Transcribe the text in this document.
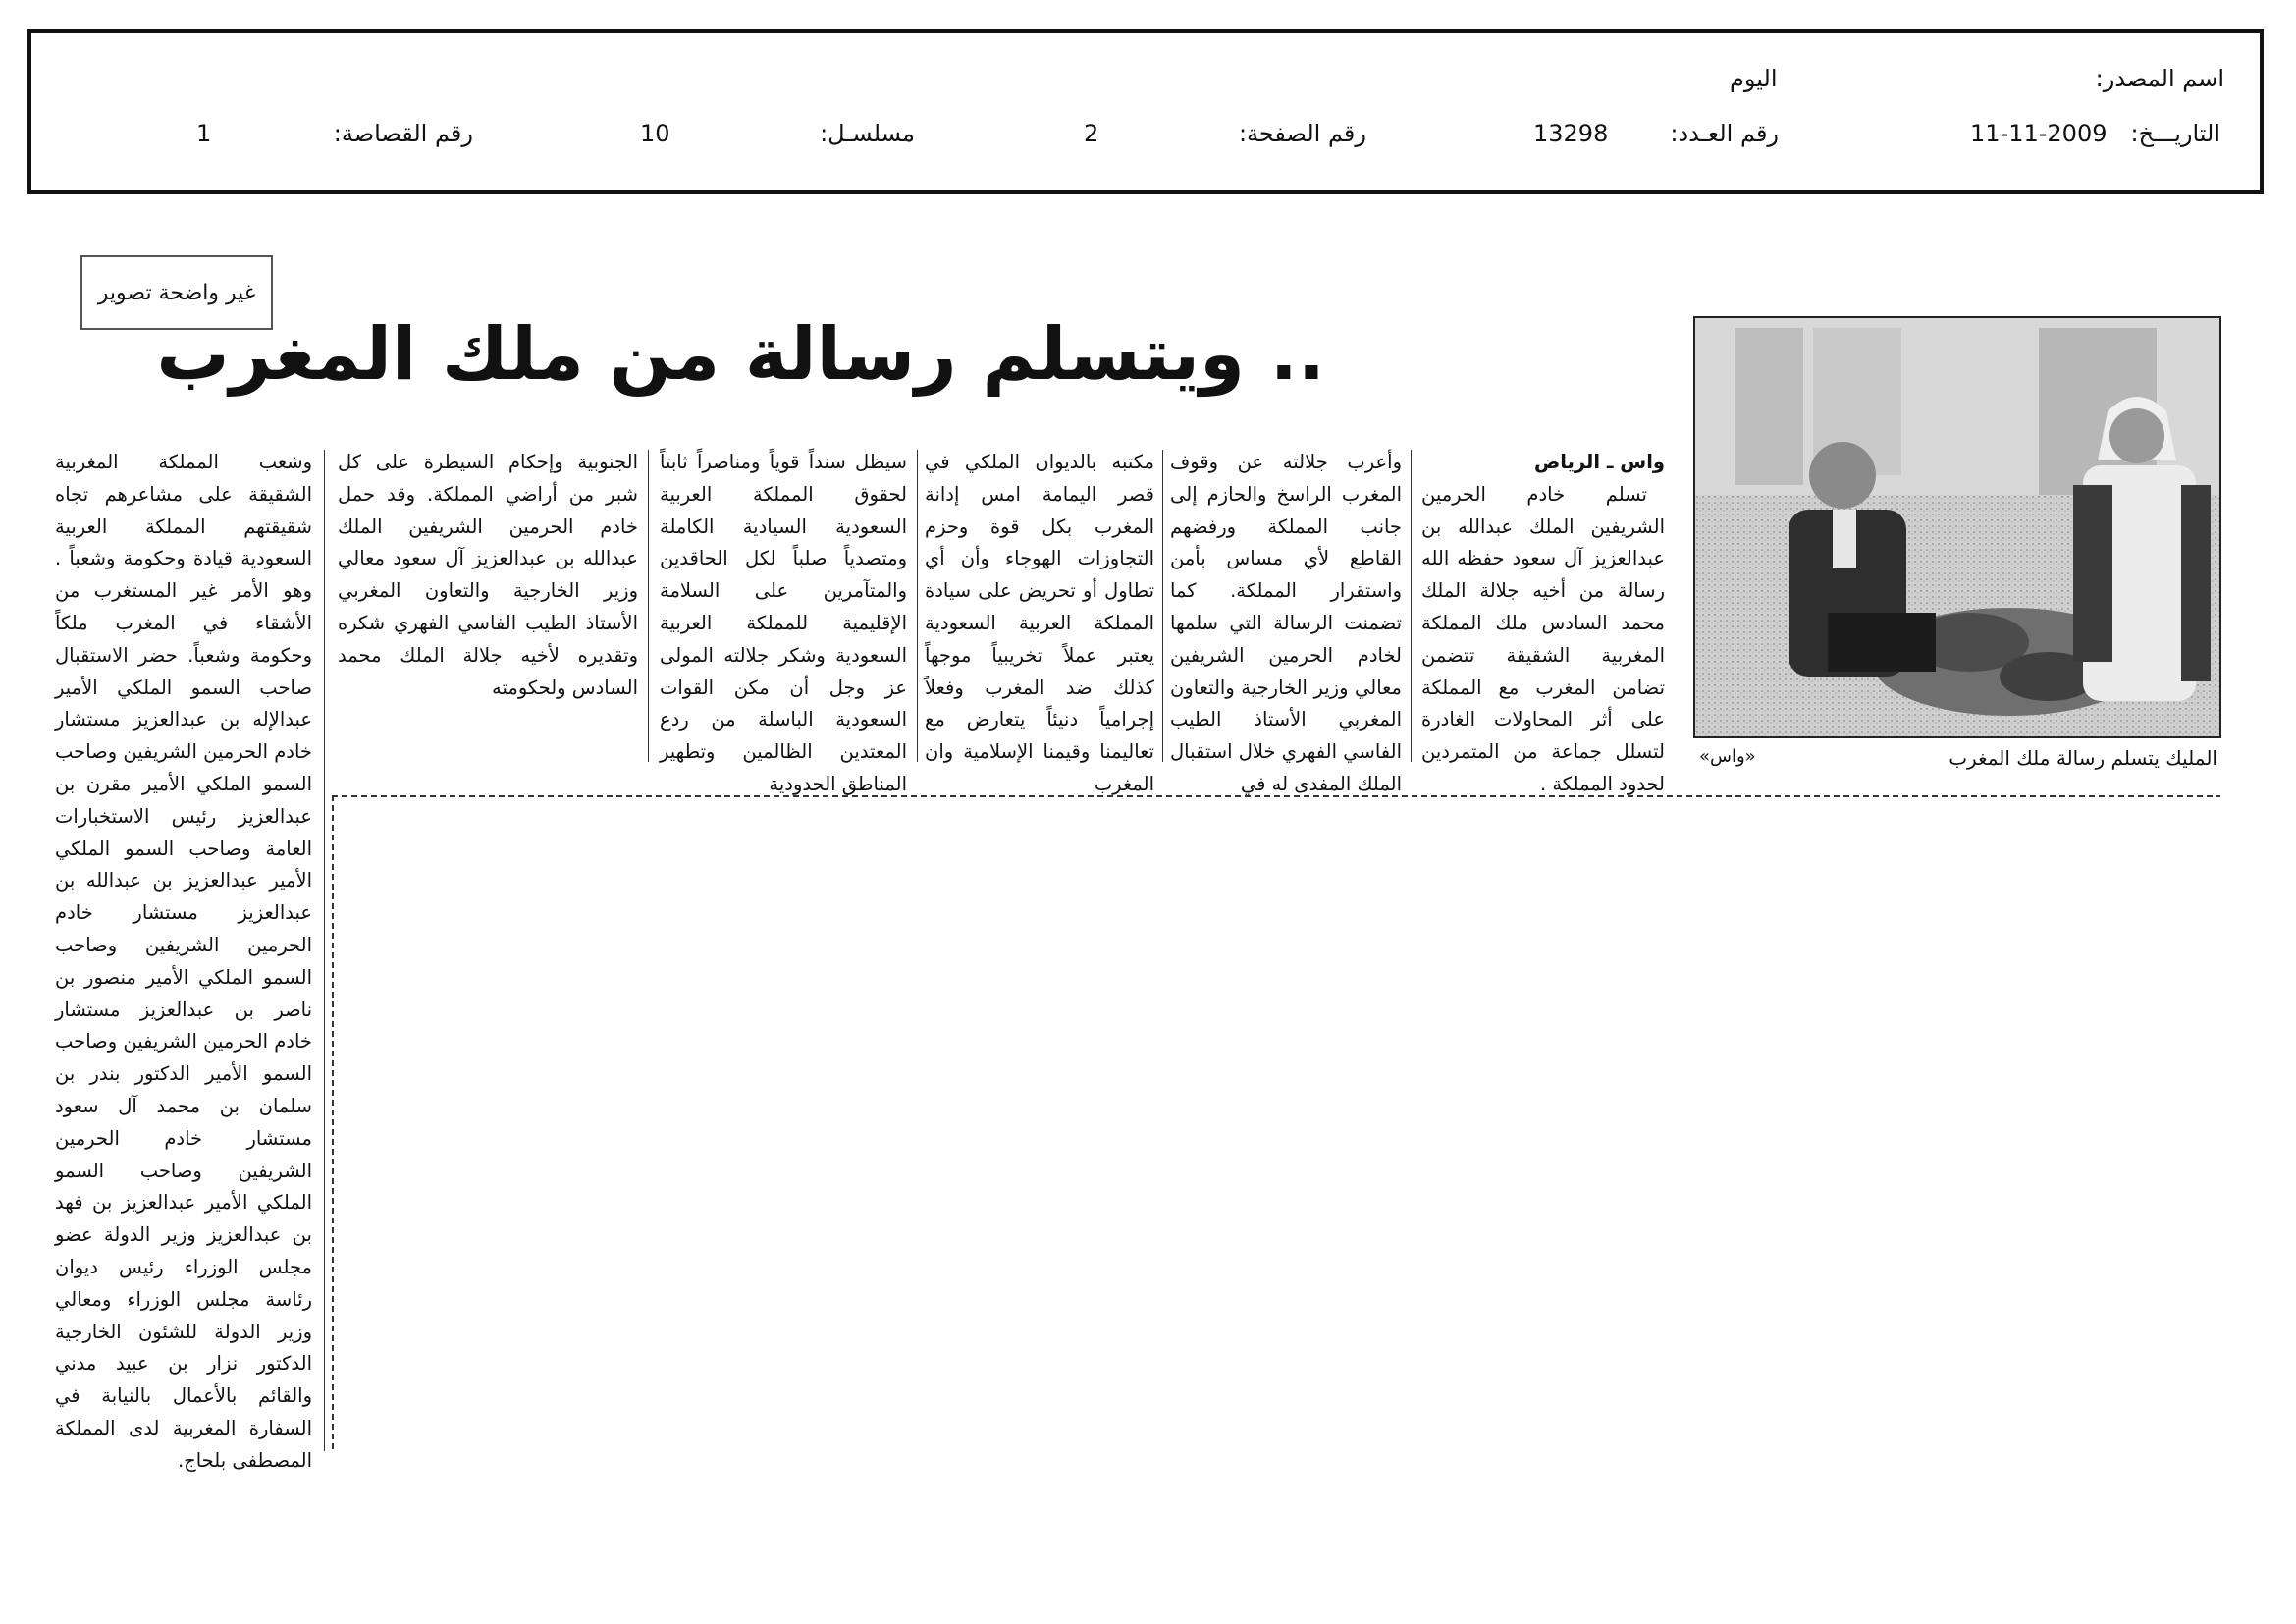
اسم المصدر:
اليوم
التاريـــخ:
11-11-2009
رقم العـدد:
13298
رقم الصفحة:
2
مسلسـل:
10
رقم القصاصة:
1
غير واضحة تصوير
.. ويتسلم رسالة من ملك المغرب
المليك يتسلم رسالة ملك المغرب
«واس»

واس ـ الرياض

تسلم خادم الحرمين الشريفين الملك عبدالله بن عبدالعزيز آل سعود حفظه الله رسالة من أخيه جلالة الملك محمد السادس ملك المملكة المغربية الشقيقة تتضمن تضامن المغرب مع المملكة على أثر المحاولات الغادرة لتسلل جماعة من المتمردين لحدود المملكة .

وأعرب جلالته عن وقوف المغرب الراسخ والحازم إلى جانب المملكة ورفضهم القاطع لأي مساس بأمن واستقرار المملكة. كما تضمنت الرسالة التي سلمها لخادم الحرمين الشريفين معالي وزير الخارجية والتعاون المغربي الأستاذ الطيب الفاسي الفهري خلال استقبال الملك المفدى له في

مكتبه بالديوان الملكي في قصر اليمامة امس إدانة المغرب بكل قوة وحزم التجاوزات الهوجاء وأن أي تطاول أو تحريض على سيادة المملكة العربية السعودية يعتبر عملاً تخريبياً موجهاً كذلك ضد المغرب وفعلاً إجرامياً دنيئاً يتعارض مع تعاليمنا وقيمنا الإسلامية وان المغرب

سيظل سنداً قوياً ومناصراً ثابتاً لحقوق المملكة العربية السعودية السيادية الكاملة ومتصدياً صلباً لكل الحاقدين والمتآمرين على السلامة الإقليمية للمملكة العربية السعودية وشكر جلالته المولى عز وجل أن مكن القوات السعودية الباسلة من ردع المعتدين الظالمين وتطهير المناطق الحدودية

الجنوبية وإحكام السيطرة على كل شبر من أراضي المملكة. وقد حمل خادم الحرمين الشريفين الملك عبدالله بن عبدالعزيز آل سعود معالي وزير الخارجية والتعاون المغربي الأستاذ الطيب الفاسي الفهري شكره وتقديره لأخيه جلالة الملك محمد السادس ولحكومته

وشعب المملكة المغربية الشقيقة على مشاعرهم تجاه شقيقتهم المملكة العربية السعودية قيادة وحكومة وشعباً . وهو الأمر غير المستغرب من الأشقاء في المغرب ملكاً وحكومة وشعباً. حضر الاستقبال صاحب السمو الملكي الأمير عبدالإله بن عبدالعزيز مستشار خادم الحرمين الشريفين وصاحب السمو الملكي الأمير مقرن بن عبدالعزيز رئيس الاستخبارات العامة وصاحب السمو الملكي الأمير عبدالعزيز بن عبدالله بن عبدالعزيز مستشار خادم الحرمين الشريفين وصاحب السمو الملكي الأمير منصور بن ناصر بن عبدالعزيز مستشار خادم الحرمين الشريفين وصاحب السمو الأمير الدكتور بندر بن سلمان بن محمد آل سعود مستشار خادم الحرمين الشريفين وصاحب السمو الملكي الأمير عبدالعزيز بن فهد بن عبدالعزيز وزير الدولة عضو مجلس الوزراء رئيس ديوان رئاسة مجلس الوزراء ومعالي وزير الدولة للشئون الخارجية الدكتور نزار بن عبيد مدني والقائم بالأعمال بالنيابة في السفارة المغربية لدى المملكة المصطفى بلحاج.
